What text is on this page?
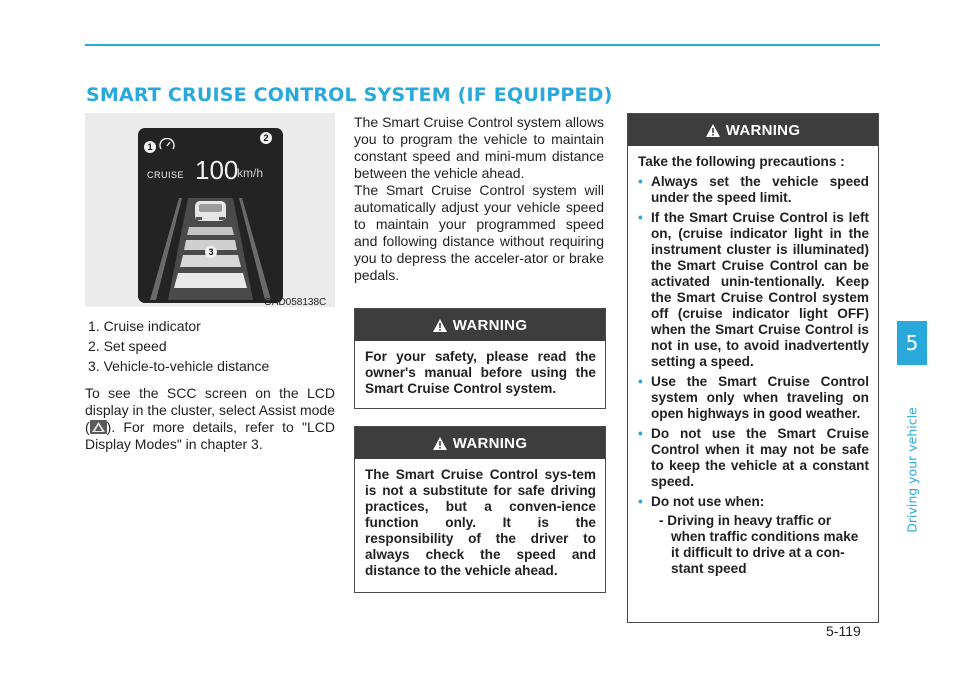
SMART CRUISE CONTROL SYSTEM (IF EQUIPPED)
5
Driving your vehicle
CRUISE 100
km/h
1
2
3
OAD058138C
1. Cruise indicator
2. Set speed
3. Vehicle-to-vehicle distance
To see the SCC screen on the LCD display in the cluster, select Assist mode ( ). For more details, refer to "LCD Display Modes" in chapter 3.
The Smart Cruise Control system allows you to program the vehicle to maintain constant speed and mini-mum distance between the vehicle ahead.
The Smart Cruise Control system will automatically adjust your vehicle speed to maintain your programmed speed and following distance without requiring you to depress the acceler-ator or brake pedals.
WARNING
For your safety, please read the owner's manual before using the Smart Cruise Control system.
WARNING
The Smart Cruise Control sys-tem is not a substitute for safe driving practices, but a conven-ience function only. It is the responsibility of the driver to always check the speed and distance to the vehicle ahead.
WARNING
Take the following precautions :
• Always set the vehicle speed under the speed limit.
• If the Smart Cruise Control is left on, (cruise indicator light in the instrument cluster is illuminated) the Smart Cruise Control can be activated unin-tentionally. Keep the Smart Cruise Control system off (cruise indicator light OFF) when the Smart Cruise Control is not in use, to avoid inadvertently setting a speed.
• Use the Smart Cruise Control system only when traveling on open highways in good weather.
• Do not use the Smart Cruise Control when it may not be safe to keep the vehicle at a constant speed.
• Do not use when:
- Driving in heavy traffic or when traffic conditions make it difficult to drive at a con-stant speed
5-119
